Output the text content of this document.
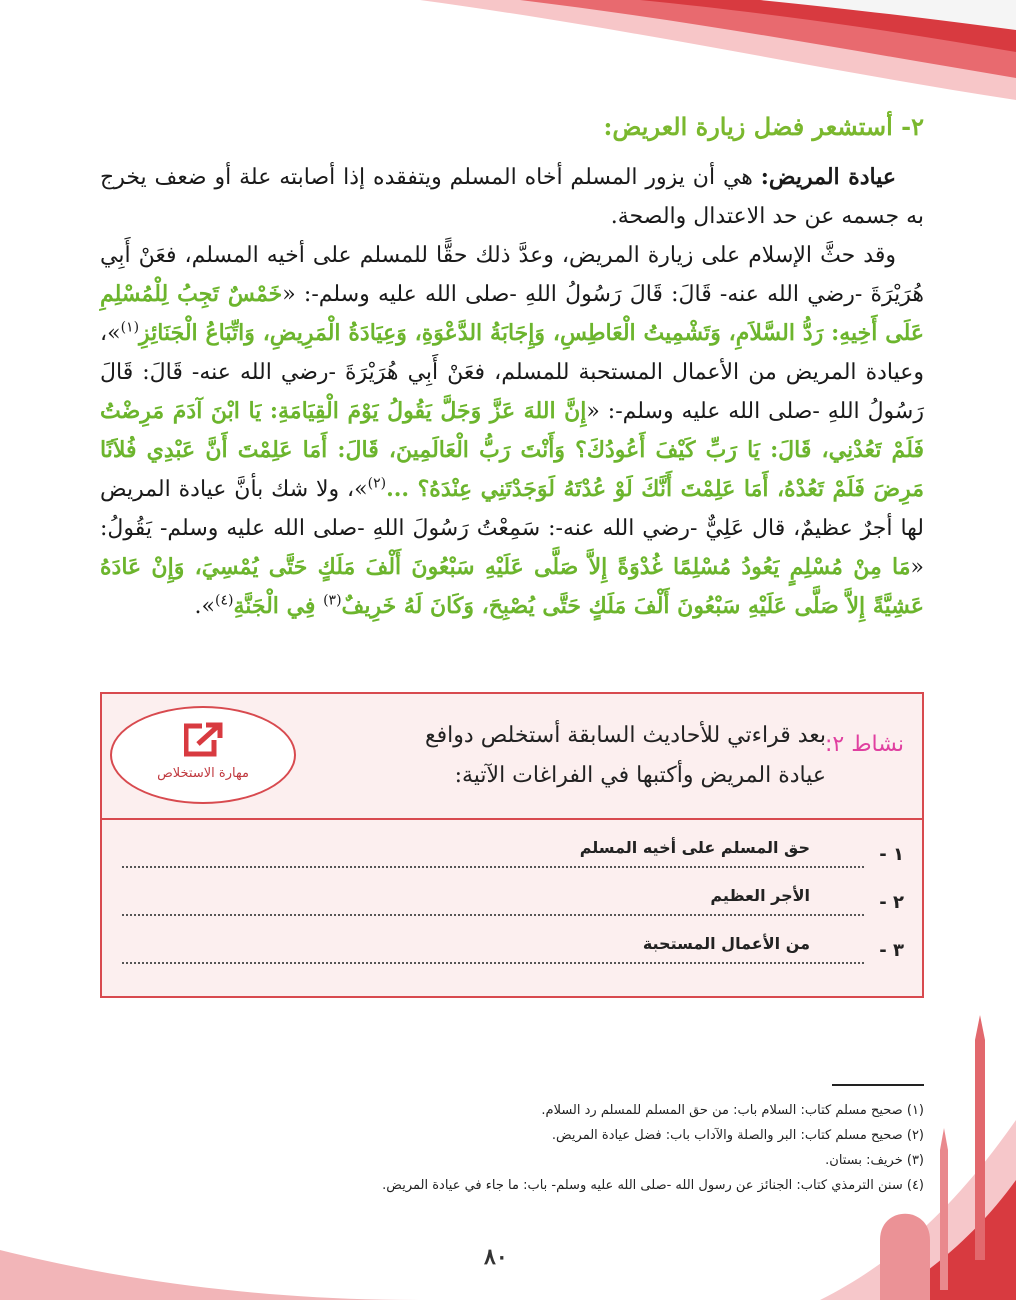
٢- أستشعر فضل زيارة العريض:

عيادة المريض: هي أن يزور المسلم أخاه المسلم ويتفقده إذا أصابته علة أو ضعف يخرج به جسمه عن حد الاعتدال والصحة.

وقد حثَّ الإسلام على زيارة المريض، وعدَّ ذلك حقًّا للمسلم على أخيه المسلم، فعَنْ أَبِي هُرَيْرَةَ -رضي الله عنه- قَالَ: قَالَ رَسُولُ اللهِ -صلى الله عليه وسلم-: «خَمْسٌ تَجِبُ لِلْمُسْلِمِ عَلَى أَخِيهِ: رَدُّ السَّلاَمِ، وَتَشْمِيتُ الْعَاطِسِ، وَإِجَابَةُ الدَّعْوَةِ، وَعِيَادَةُ الْمَرِيضِ، وَاتِّبَاعُ الْجَنَائِزِ$^{(١)}$»، وعيادة المريض من الأعمال المستحبة للمسلم، فعَنْ أَبِي هُرَيْرَةَ -رضي الله عنه- قَالَ: قَالَ رَسُولُ اللهِ -صلى الله عليه وسلم-: «إِنَّ اللهَ عَزَّ وَجَلَّ يَقُولُ يَوْمَ الْقِيَامَةِ: يَا ابْنَ آدَمَ مَرِضْتُ فَلَمْ تَعُدْنِي، قَالَ: يَا رَبِّ كَيْفَ أَعُودُكَ؟ وَأَنْتَ رَبُّ الْعَالَمِينَ، قَالَ: أَمَا عَلِمْتَ أَنَّ عَبْدِي فُلاَنًا مَرِضَ فَلَمْ تَعُدْهُ، أَمَا عَلِمْتَ أَنَّكَ لَوْ عُدْتَهُ لَوَجَدْتَنِي عِنْدَهُ؟ ...$^{(٢)}$»، ولا شك بأنَّ عيادة المريض لها أجرٌ عظيمٌ، قال عَلِيٌّ -رضي الله عنه-: سَمِعْتُ رَسُولَ اللهِ -صلى الله عليه وسلم- يَقُولُ: «مَا مِنْ مُسْلِمٍ يَعُودُ مُسْلِمًا غُدْوَةً إِلاَّ صَلَّى عَلَيْهِ سَبْعُونَ أَلْفَ مَلَكٍ حَتَّى يُمْسِيَ، وَإِنْ عَادَهُ عَشِيَّةً إِلاَّ صَلَّى عَلَيْهِ سَبْعُونَ أَلْفَ مَلَكٍ حَتَّى يُصْبِحَ، وَكَانَ لَهُ خَرِيفٌ$^{(٣)}$ فِي الْجَنَّةِ$^{(٤)}$».

نشاط ٢:
بعد قراءتي للأحاديث السابقة أستخلص دوافع عيادة المريض وأكتبها في الفراغات الآتية:
مهارة الاستخلاص
١ -
حق المسلم على أخيه المسلم
٢ -
الأجر العظيم
٣ -
من الأعمال المستحبة
(١) صحيح مسلم كتاب: السلام باب: من حق المسلم للمسلم رد السلام.
(٢) صحيح مسلم كتاب: البر والصلة والآداب باب: فضل عيادة المريض.
(٣) خريف: بستان.
(٤) سنن الترمذي كتاب: الجنائز عن رسول الله -صلى الله عليه وسلم- باب: ما جاء في عيادة المريض.
٨٠
